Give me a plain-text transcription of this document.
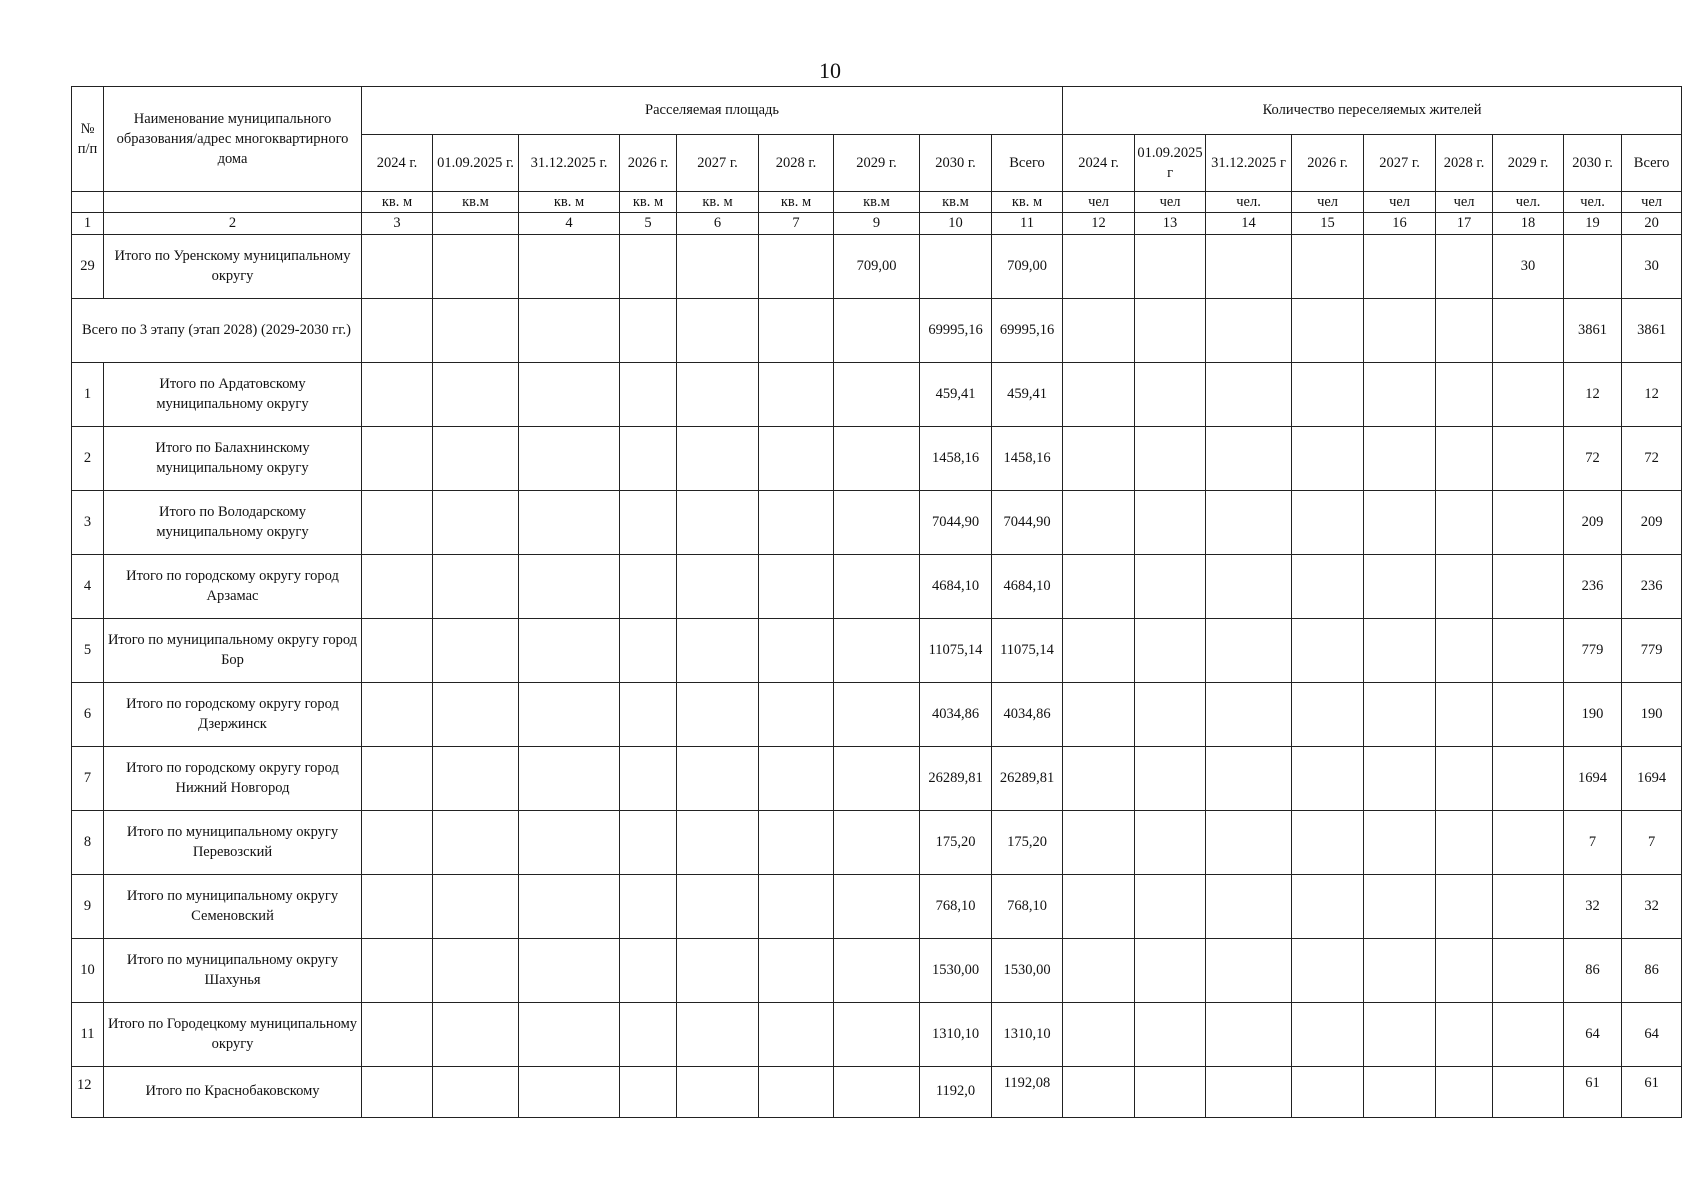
10
№ п/п	Наименование муниципального образования/адрес многоквартирного дома	Расселяемая площадь									Количество переселяемых жителей								
		2024 г.	01.09.2025 г.	31.12.2025 г.	2026 г.	2027 г.	2028 г.	2029 г.	2030 г.	Всего	2024 г.	01.09.2025 г	31.12.2025 г	2026 г.	2027 г.	2028 г.	2029 г.	2030 г.	Всего
		кв. м	кв.м	кв. м	кв. м	кв. м	кв. м	кв.м	кв.м	кв. м	чел	чел	чел.	чел	чел	чел	чел.	чел.	чел
1	2	3		4	5	6	7	9	10	11	12	13	14	15	16	17	18	19	20
29	Итого по Уренскому муниципальному округу							709,00		709,00							30		30
Всего по 3 этапу (этап 2028) (2029-2030 гг.)									69995,16	69995,16								3861	3861
1	Итого по Ардатовскому муниципальному округу								459,41	459,41								12	12
2	Итого по Балахнинскому муниципальному округу								1458,16	1458,16								72	72
3	Итого по Володарскому муниципальному округу								7044,90	7044,90								209	209
4	Итого по городскому округу город Арзамас								4684,10	4684,10								236	236
5	Итого по муниципальному округу город Бор								11075,14	11075,14								779	779
6	Итого по городскому округу город Дзержинск								4034,86	4034,86								190	190
7	Итого по городскому округу город Нижний Новгород								26289,81	26289,81								1694	1694
8	Итого по муниципальному округу Перевозский								175,20	175,20								7	7
9	Итого по муниципальному округу Семеновский								768,10	768,10								32	32
10	Итого по муниципальному округу Шахунья								1530,00	1530,00								86	86
11	Итого по Городецкому муниципальному округу								1310,10	1310,10								64	64
12	Итого по Краснобаковскому								1192,0	1192,08								61	61
